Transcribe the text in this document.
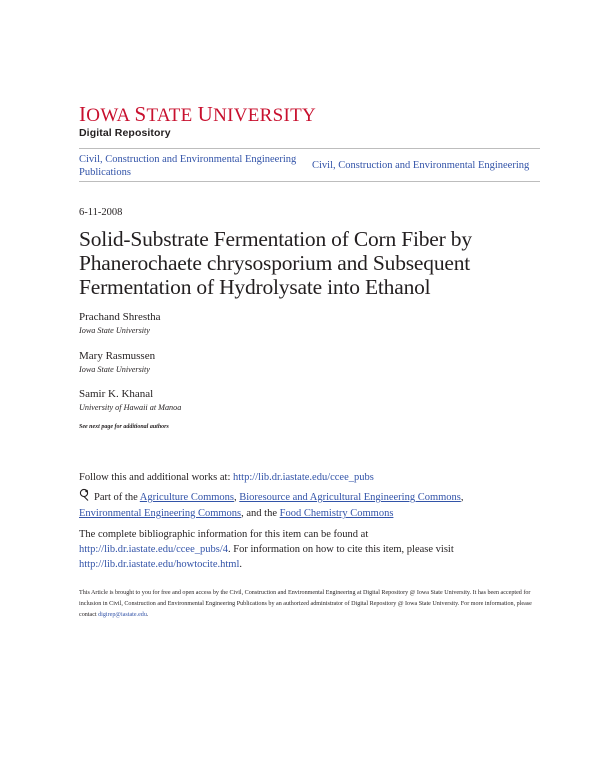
IOWA STATE UNIVERSITY
Digital Repository
Civil, Construction and Environmental Engineering Publications
Civil, Construction and Environmental Engineering
6-11-2008
Solid-Substrate Fermentation of Corn Fiber by Phanerochaete chrysosporium and Subsequent Fermentation of Hydrolysate into Ethanol
Prachand Shrestha
Iowa State University
Mary Rasmussen
Iowa State University
Samir K. Khanal
University of Hawaii at Manoa
See next page for additional authors
Follow this and additional works at: http://lib.dr.iastate.edu/ccee_pubs
Part of the Agriculture Commons, Bioresource and Agricultural Engineering Commons,
Environmental Engineering Commons, and the Food Chemistry Commons
The complete bibliographic information for this item can be found at http://lib.dr.iastate.edu/ccee_pubs/4. For information on how to cite this item, please visit http://lib.dr.iastate.edu/howtocite.html.
This Article is brought to you for free and open access by the Civil, Construction and Environmental Engineering at Digital Repository @ Iowa State University. It has been accepted for inclusion in Civil, Construction and Environmental Engineering Publications by an authorized administrator of Digital Repository @ Iowa State University. For more information, please contact digirep@iastate.edu.
